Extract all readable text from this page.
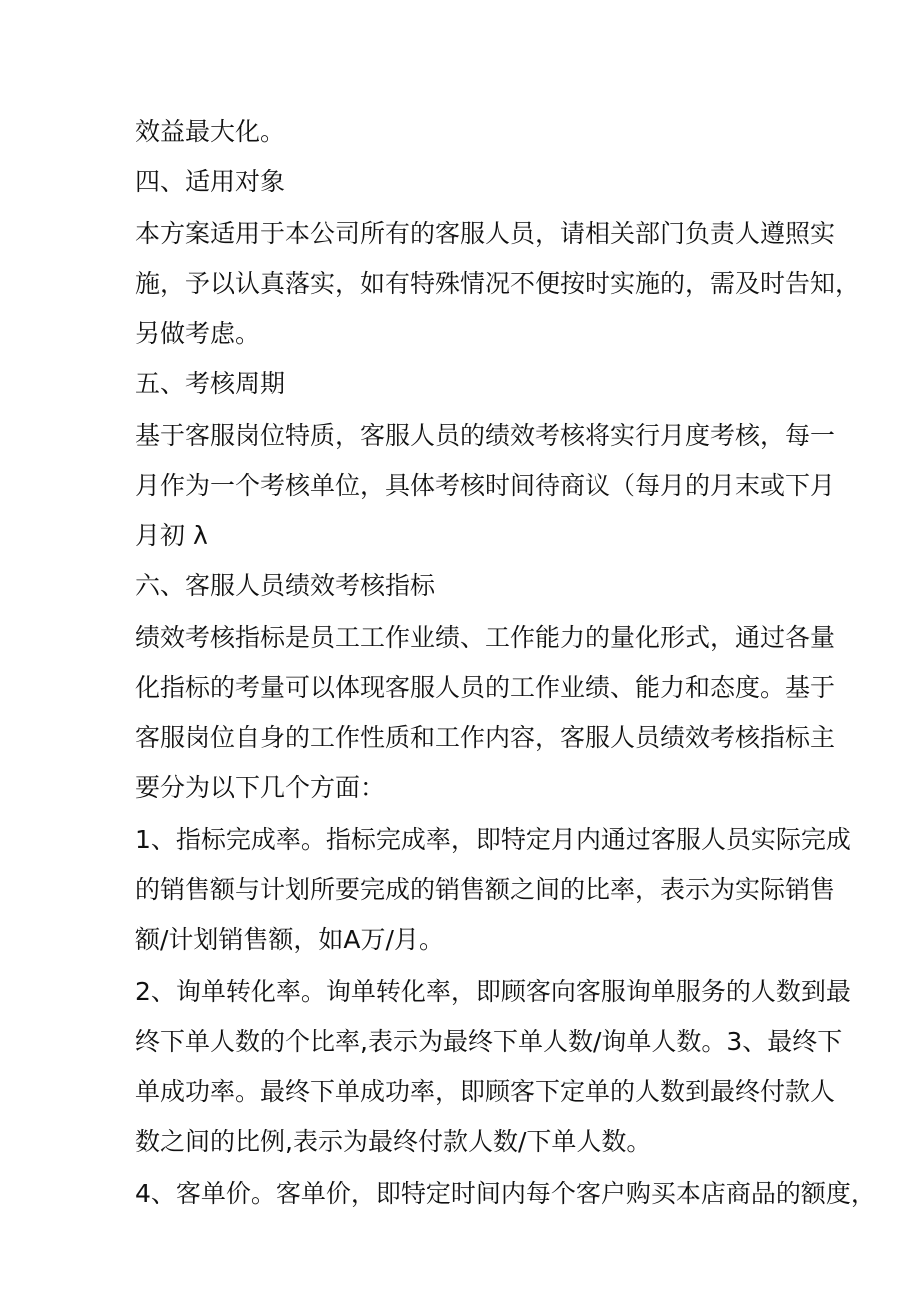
效益最大化。
四、适用对象
本方案适用于本公司所有的客服人员，请相关部门负责人遵照实
施，予以认真落实，如有特殊情况不便按时实施的，需及时告知，
另做考虑。
五、考核周期
基于客服岗位特质，客服人员的绩效考核将实行月度考核，每一
月作为一个考核单位，具体考核时间待商议（每月的月末或下月
月初 λ
六、客服人员绩效考核指标
绩效考核指标是员工工作业绩、工作能力的量化形式，通过各量
化指标的考量可以体现客服人员的工作业绩、能力和态度。基于
客服岗位自身的工作性质和工作内容，客服人员绩效考核指标主
要分为以下几个方面：
1、指标完成率。指标完成率，即特定月内通过客服人员实际完成
的销售额与计划所要完成的销售额之间的比率，表示为实际销售
额/计划销售额，如A万/月。
2、询单转化率。询单转化率，即顾客向客服询单服务的人数到最
终下单人数的个比率,表示为最终下单人数/询单人数。3、最终下
单成功率。最终下单成功率，即顾客下定单的人数到最终付款人
数之间的比例,表示为最终付款人数/下单人数。
4、客单价。客单价，即特定时间内每个客户购买本店商品的额度，
